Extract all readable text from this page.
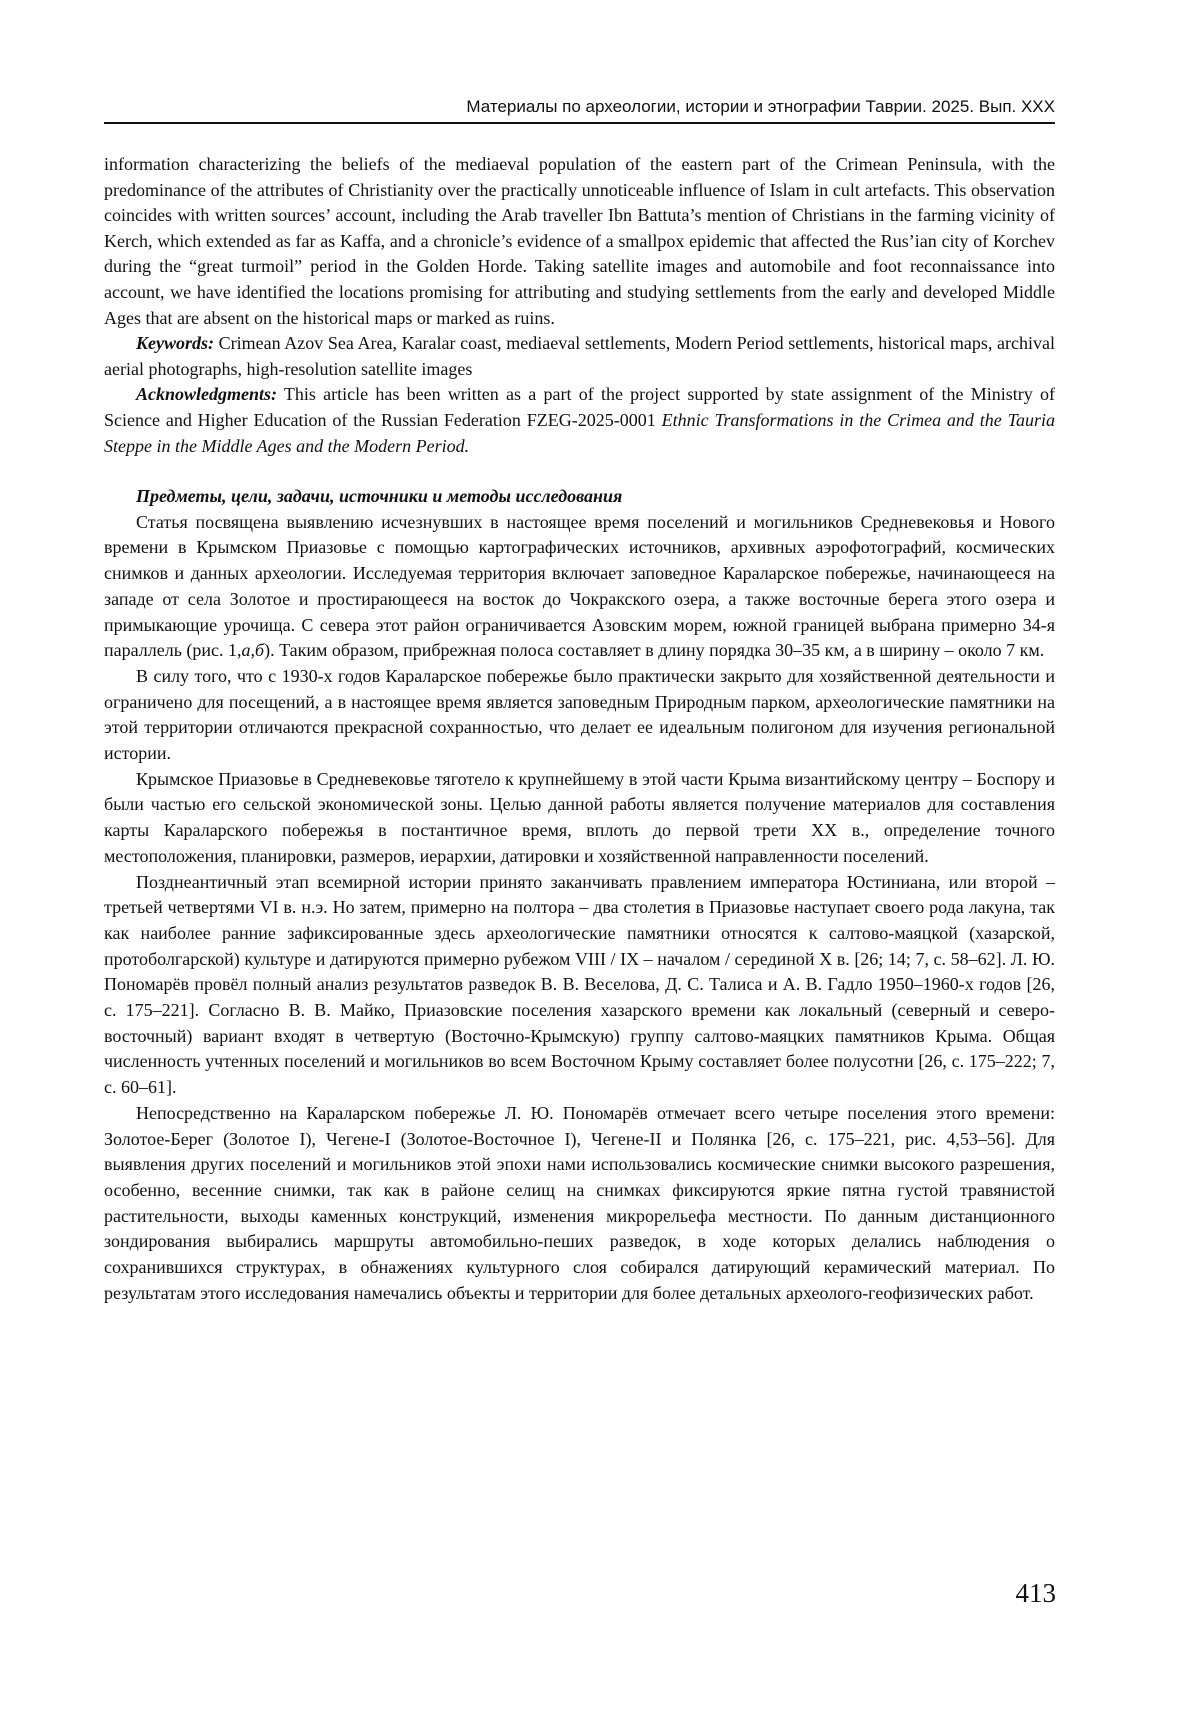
Материалы по археологии, истории и этнографии Таврии. 2025. Вып. XXX

information characterizing the beliefs of the mediaeval population of the eastern part of the Crimean Peninsula, with the predominance of the attributes of Christianity over the practically unnoticeable influence of Islam in cult artefacts. This observation coincides with written sources’ account, including the Arab traveller Ibn Battuta’s mention of Christians in the farming vicinity of Kerch, which extended as far as Kaffa, and a chronicle’s evidence of a smallpox epidemic that affected the Rus’ian city of Korchev during the “great turmoil” period in the Golden Horde. Taking satellite images and automobile and foot reconnaissance into account, we have identified the locations promising for attributing and studying settlements from the early and developed Middle Ages that are absent on the historical maps or marked as ruins.

Keywords: Crimean Azov Sea Area, Karalar coast, mediaeval settlements, Modern Period settlements, historical maps, archival aerial photographs, high-resolution satellite images

Acknowledgments: This article has been written as a part of the project supported by state assignment of the Ministry of Science and Higher Education of the Russian Federation FZEG-2025-0001 Ethnic Transformations in the Crimea and the Tauria Steppe in the Middle Ages and the Modern Period.

Предметы, цели, задачи, источники и методы исследования

Статья посвящена выявлению исчезнувших в настоящее время поселений и могильников Средневековья и Нового времени в Крымском Приазовье с помощью картографических источников, архивных аэрофотографий, космических снимков и данных археологии. Исследуемая территория включает заповедное Караларское побережье, начинающееся на западе от села Золотое и простирающееся на восток до Чокракского озера, а также восточные берега этого озера и примыкающие урочища. С севера этот район ограничивается Азовским морем, южной границей выбрана примерно 34-я параллель (рис. 1,а,б). Таким образом, прибрежная полоса составляет в длину порядка 30–35 км, а в ширину – около 7 км.

В силу того, что с 1930-х годов Караларское побережье было практически закрыто для хозяйственной деятельности и ограничено для посещений, а в настоящее время является заповедным Природным парком, археологические памятники на этой территории отличаются прекрасной сохранностью, что делает ее идеальным полигоном для изучения региональной истории.

Крымское Приазовье в Средневековье тяготело к крупнейшему в этой части Крыма византийскому центру – Боспору и были частью его сельской экономической зоны. Целью данной работы является получение материалов для составления карты Караларского побережья в постантичное время, вплоть до первой трети XX в., определение точного местоположения, планировки, размеров, иерархии, датировки и хозяйственной направленности поселений.

Позднеантичный этап всемирной истории принято заканчивать правлением императора Юстиниана, или второй – третьей четвертями VI в. н.э. Но затем, примерно на полтора – два столетия в Приазовье наступает своего рода лакуна, так как наиболее ранние зафиксированные здесь археологические памятники относятся к салтово-маяцкой (хазарской, протоболгарской) культуре и датируются примерно рубежом VIII / IX – началом / серединой X в. [26; 14; 7, с. 58–62]. Л. Ю. Пономарёв провёл полный анализ результатов разведок В. В. Веселова, Д. С. Талиса и А. В. Гадло 1950–1960-х годов [26, с. 175–221]. Согласно В. В. Майко, Приазовские поселения хазарского времени как локальный (северный и северо-восточный) вариант входят в четвертую (Восточно-Крымскую) группу салтово-маяцких памятников Крыма. Общая численность учтенных поселений и могильников во всем Восточном Крыму составляет более полусотни [26, с. 175–222; 7, с. 60–61].

Непосредственно на Караларском побережье Л. Ю. Пономарёв отмечает всего четыре поселения этого времени: Золотое-Берег (Золотое I), Чегене-I (Золотое-Восточное I), Чегене-II и Полянка [26, с. 175–221, рис. 4,53–56]. Для выявления других поселений и могильников этой эпохи нами использовались космические снимки высокого разрешения, особенно, весенние снимки, так как в районе селищ на снимках фиксируются яркие пятна густой травянистой растительности, выходы каменных конструкций, изменения микрорельефа местности. По данным дистанционного зондирования выбирались маршруты автомобильно-пеших разведок, в ходе которых делались наблюдения о сохранившихся структурах, в обнажениях культурного слоя собирался датирующий керамический материал. По результатам этого исследования намечались объекты и территории для более детальных археолого-геофизических работ.

413
